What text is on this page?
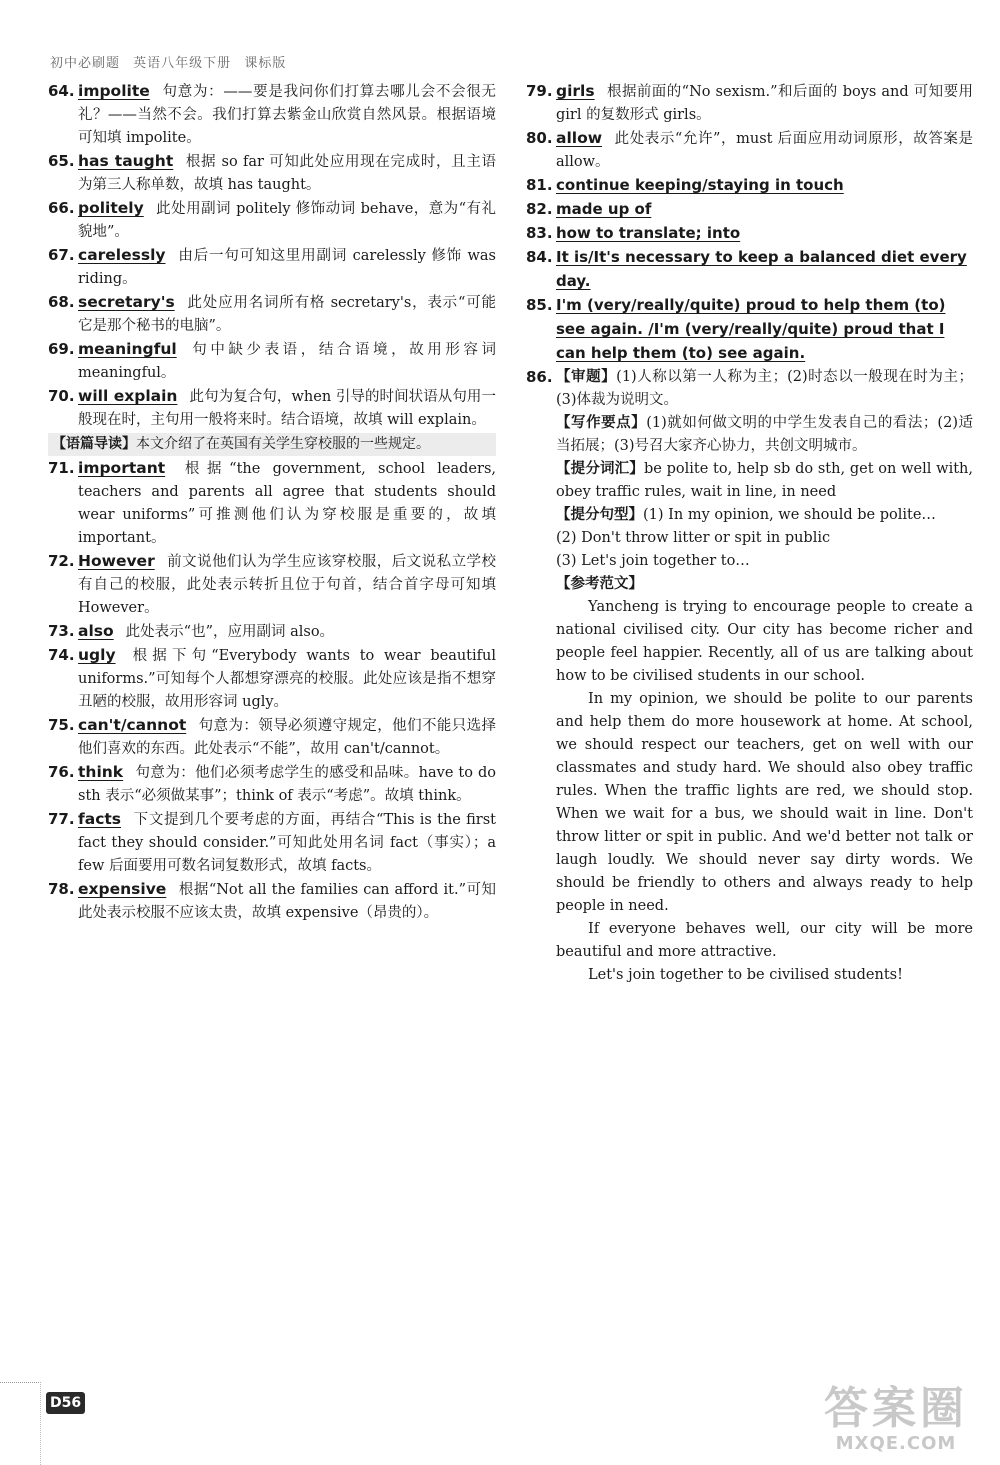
初中必刷题 英语八年级下册 课标版
64. impolite 句意为：——要是我问你们打算去哪儿会不会很无礼？——当然不会。我们打算去紫金山欣赏自然风景。根据语境可知填 impolite。
65. has taught 根据 so far 可知此处应用现在完成时，且主语为第三人称单数，故填 has taught。
66. politely 此处用副词 politely 修饰动词 behave，意为“有礼貌地”。
67. carelessly 由后一句可知这里用副词 carelessly 修饰 was riding。
68. secretary's 此处应用名词所有格 secretary's，表示“可能它是那个秘书的电脑”。
69. meaningful 句中缺少表语，结合语境，故用形容词 meaningful。
70. will explain 此句为复合句，when 引导的时间状语从句用一般现在时，主句用一般将来时。结合语境，故填 will explain。
【语篇导读】本文介绍了在英国有关学生穿校服的一些规定。
71. important 根据“the government, school leaders, teachers and parents all agree that students should wear uniforms”可推测他们认为穿校服是重要的，故填 important。
72. However 前文说他们认为学生应该穿校服，后文说私立学校有自己的校服，此处表示转折且位于句首，结合首字母可知填 However。
73. also 此处表示“也”，应用副词 also。
74. ugly 根据下句“Everybody wants to wear beautiful uniforms.”可知每个人都想穿漂亮的校服。此处应该是指不想穿丑陋的校服，故用形容词 ugly。
75. can't/cannot 句意为：领导必须遵守规定，他们不能只选择他们喜欢的东西。此处表示“不能”，故用 can't/cannot。
76. think 句意为：他们必须考虑学生的感受和品味。have to do sth 表示“必须做某事”；think of 表示“考虑”。故填 think。
77. facts 下文提到几个要考虑的方面，再结合“This is the first fact they should consider.”可知此处用名词 fact（事实）；a few 后面要用可数名词复数形式，故填 facts。
78. expensive 根据“Not all the families can afford it.”可知此处表示校服不应该太贵，故填 expensive（昂贵的）。
79. girls 根据前面的“No sexism.”和后面的 boys and 可知要用 girl 的复数形式 girls。
80. allow 此处表示“允许”，must 后面应用动词原形，故答案是 allow。
81. continue keeping/staying in touch
82. made up of
83. how to translate; into
84. It is/It's necessary to keep a balanced diet every day.
85. I'm (very/really/quite) proud to help them (to) see again. /I'm (very/really/quite) proud that I can help them (to) see again.
86. 【审题】(1)人称以第一人称为主；(2)时态以一般现在时为主；(3)体裁为说明文。
【写作要点】(1)就如何做文明的中学生发表自己的看法；(2)适当拓展；(3)号召大家齐心协力，共创文明城市。
【提分词汇】be polite to, help sb do sth, get on well with, obey traffic rules, wait in line, in need
【提分句型】(1) In my opinion, we should be polite…
(2) Don't throw litter or spit in public
(3) Let's join together to…
【参考范文】

Yancheng is trying to encourage people to create a national civilised city. Our city has become richer and people feel happier. Recently, all of us are talking about how to be civilised students in our school.

In my opinion, we should be polite to our parents and help them do more housework at home. At school, we should respect our teachers, get on well with our classmates and study hard. We should also obey traffic rules. When the traffic lights are red, we should stop. When we wait for a bus, we should wait in line. Don't throw litter or spit in public. And we'd better not talk or laugh loudly. We should never say dirty words. We should be friendly to others and always ready to help people in need.

If everyone behaves well, our city will be more beautiful and more attractive.

Let's join together to be civilised students!

D56	答案圈
MXQE.COM
